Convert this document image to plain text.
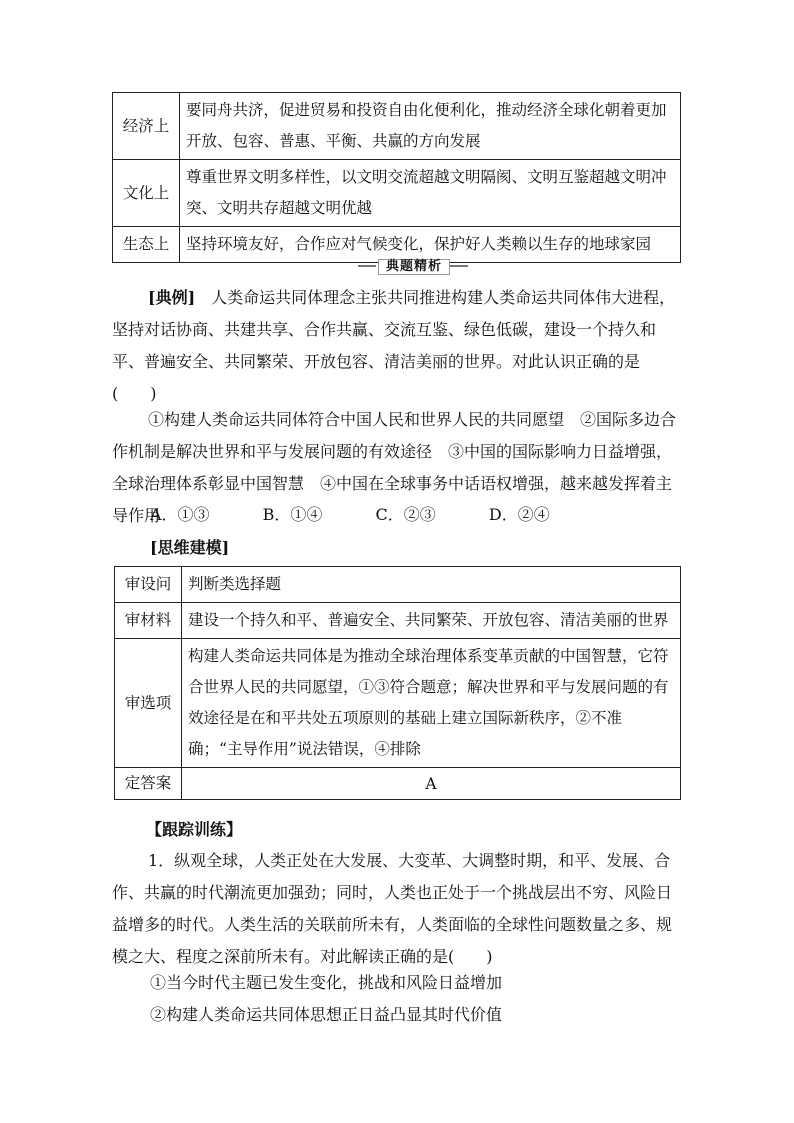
经济上	要同舟共济，促进贸易和投资自由化便利化，推动经济全球化朝着更加开放、包容、普惠、平衡、共赢的方向发展
文化上	尊重世界文明多样性，以文明交流超越文明隔阂、文明互鉴超越文明冲突、文明共存超越文明优越
生态上	坚持环境友好，合作应对气候变化，保护好人类赖以生存的地球家园
典题精析
[典例]　 人类命运共同体理念主张共同推进构建人类命运共同体伟大进程，坚持对话协商、共建共享、合作共赢、交流互鉴、绿色低碳，建设一个持久和平、普遍安全、共同繁荣、开放包容、清洁美丽的世界。对此认识正确的是(　　)
①构建人类命运共同体符合中国人民和世界人民的共同愿望　②国际多边合作机制是解决世界和平与发展问题的有效途径　③中国的国际影响力日益增强，全球治理体系彰显中国智慧　④中国在全球事务中话语权增强，越来越发挥着主导作用
A．①③	B．①④	C．②③	D．②④
[思维建模]
审设问	判断类选择题
审材料	建设一个持久和平、普遍安全、共同繁荣、开放包容、清洁美丽的世界
审选项	构建人类命运共同体是为推动全球治理体系变革贡献的中国智慧，它符合世界人民的共同愿望，①③符合题意；解决世界和平与发展问题的有效途径是在和平共处五项原则的基础上建立国际新秩序，②不准确；“主导作用”说法错误，④排除
定答案	A
【跟踪训练】
1．纵观全球，人类正处在大发展、大变革、大调整时期，和平、发展、合作、共赢的时代潮流更加强劲；同时，人类也正处于一个挑战层出不穷、风险日益增多的时代。人类生活的关联前所未有，人类面临的全球性问题数量之多、规模之大、程度之深前所未有。对此解读正确的是(　　)
①当今时代主题已发生变化，挑战和风险日益增加
②构建人类命运共同体思想正日益凸显其时代价值
